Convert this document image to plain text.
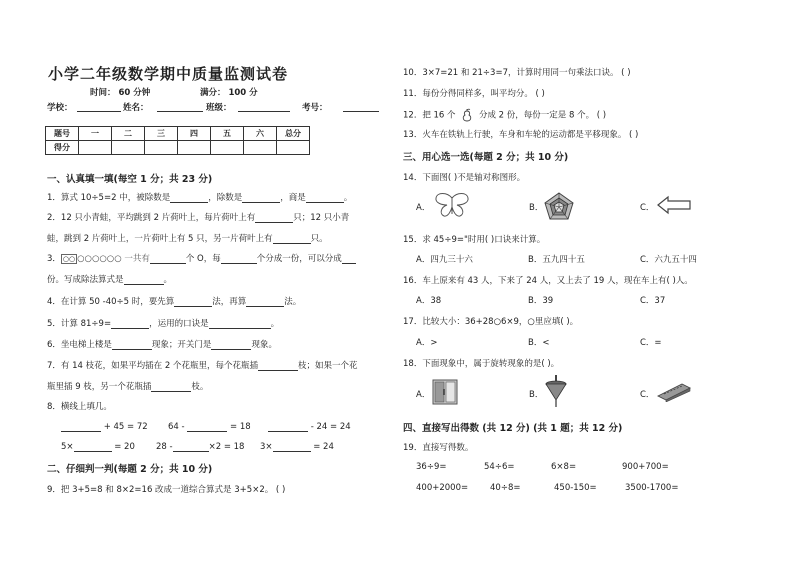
小学二年级数学期中质量监测试卷
时间： 60 分钟	满分： 100 分
学校：	姓名：	班级：	考号：
题号	一	二	三	四	五	六	总分
得分							
一、认真填一填(每空 1 分；共 23 分)
1．算式 10÷5=2 中，被除数是	，除数是	，商是	。
2．12 只小青蛙，平均跳到 2 片荷叶上，每片荷叶上有	只；12 只小青
蛙，跳到 2 片荷叶上，一片荷叶上有 5 只，另一片荷叶上有	只。
3． ○○ ○○○○○○ 一共有	个 O，每	个分成一份，可以分成
份。写成除法算式是	。
4．在计算 50 -40÷5 时，要先算	法，再算	法。
5．计算 81÷9=	，运用的口诀是	。
6．坐电梯上楼是	现象；开关门是	现象。
7．有 14 枝花，如果平均插在 2 个花瓶里，每个花瓶插	枝；如果一个花
瓶里插 9 枝，另一个花瓶插	枝。
8．横线上填几。
+ 45 = 72 64 -	= 18	- 24 = 24
5×	= 20 28 -	×2 = 18 3×	= 24
二、仔细判一判(每题 2 分；共 10 分)
9．把 3+5=8 和 8×2=16 改成一道综合算式是 3+5×2。 ( )
10．3×7=21 和 21÷3=7，计算时用同一句乘法口诀。 ( )
11．每份分得同样多，叫平均分。 ( )
12．把 16 个	分成 2 份，每份一定是 8 个。 ( )
13．火车在铁轨上行驶，车身和车轮的运动都是平移现象。 ( )
三、用心选一选(每题 2 分；共 10 分)
14．下面图( )不是轴对称图形。
A．	B．	C．
15．求 45÷9="时用( )口诀来计算。
A．四九三十六	B．五九四十五	C．六九五十四
16．车上原来有 43 人，下来了 24 人，又上去了 19 人，现在车上有( )人。
A．38	B．39	C．37
17．比较大小：36+28○6×9，○里应填( )。
A．>	B．<	C．=
18．下面现象中，属于旋转现象的是( )。
A．	B．	C．
四、直接写出得数 (共 12 分) (共 1 题；共 12 分)
19．直接写得数。
36÷9=	54÷6=	6×8=	900+700=
400+2000=	40÷8=	450-150=	3500-1700=
